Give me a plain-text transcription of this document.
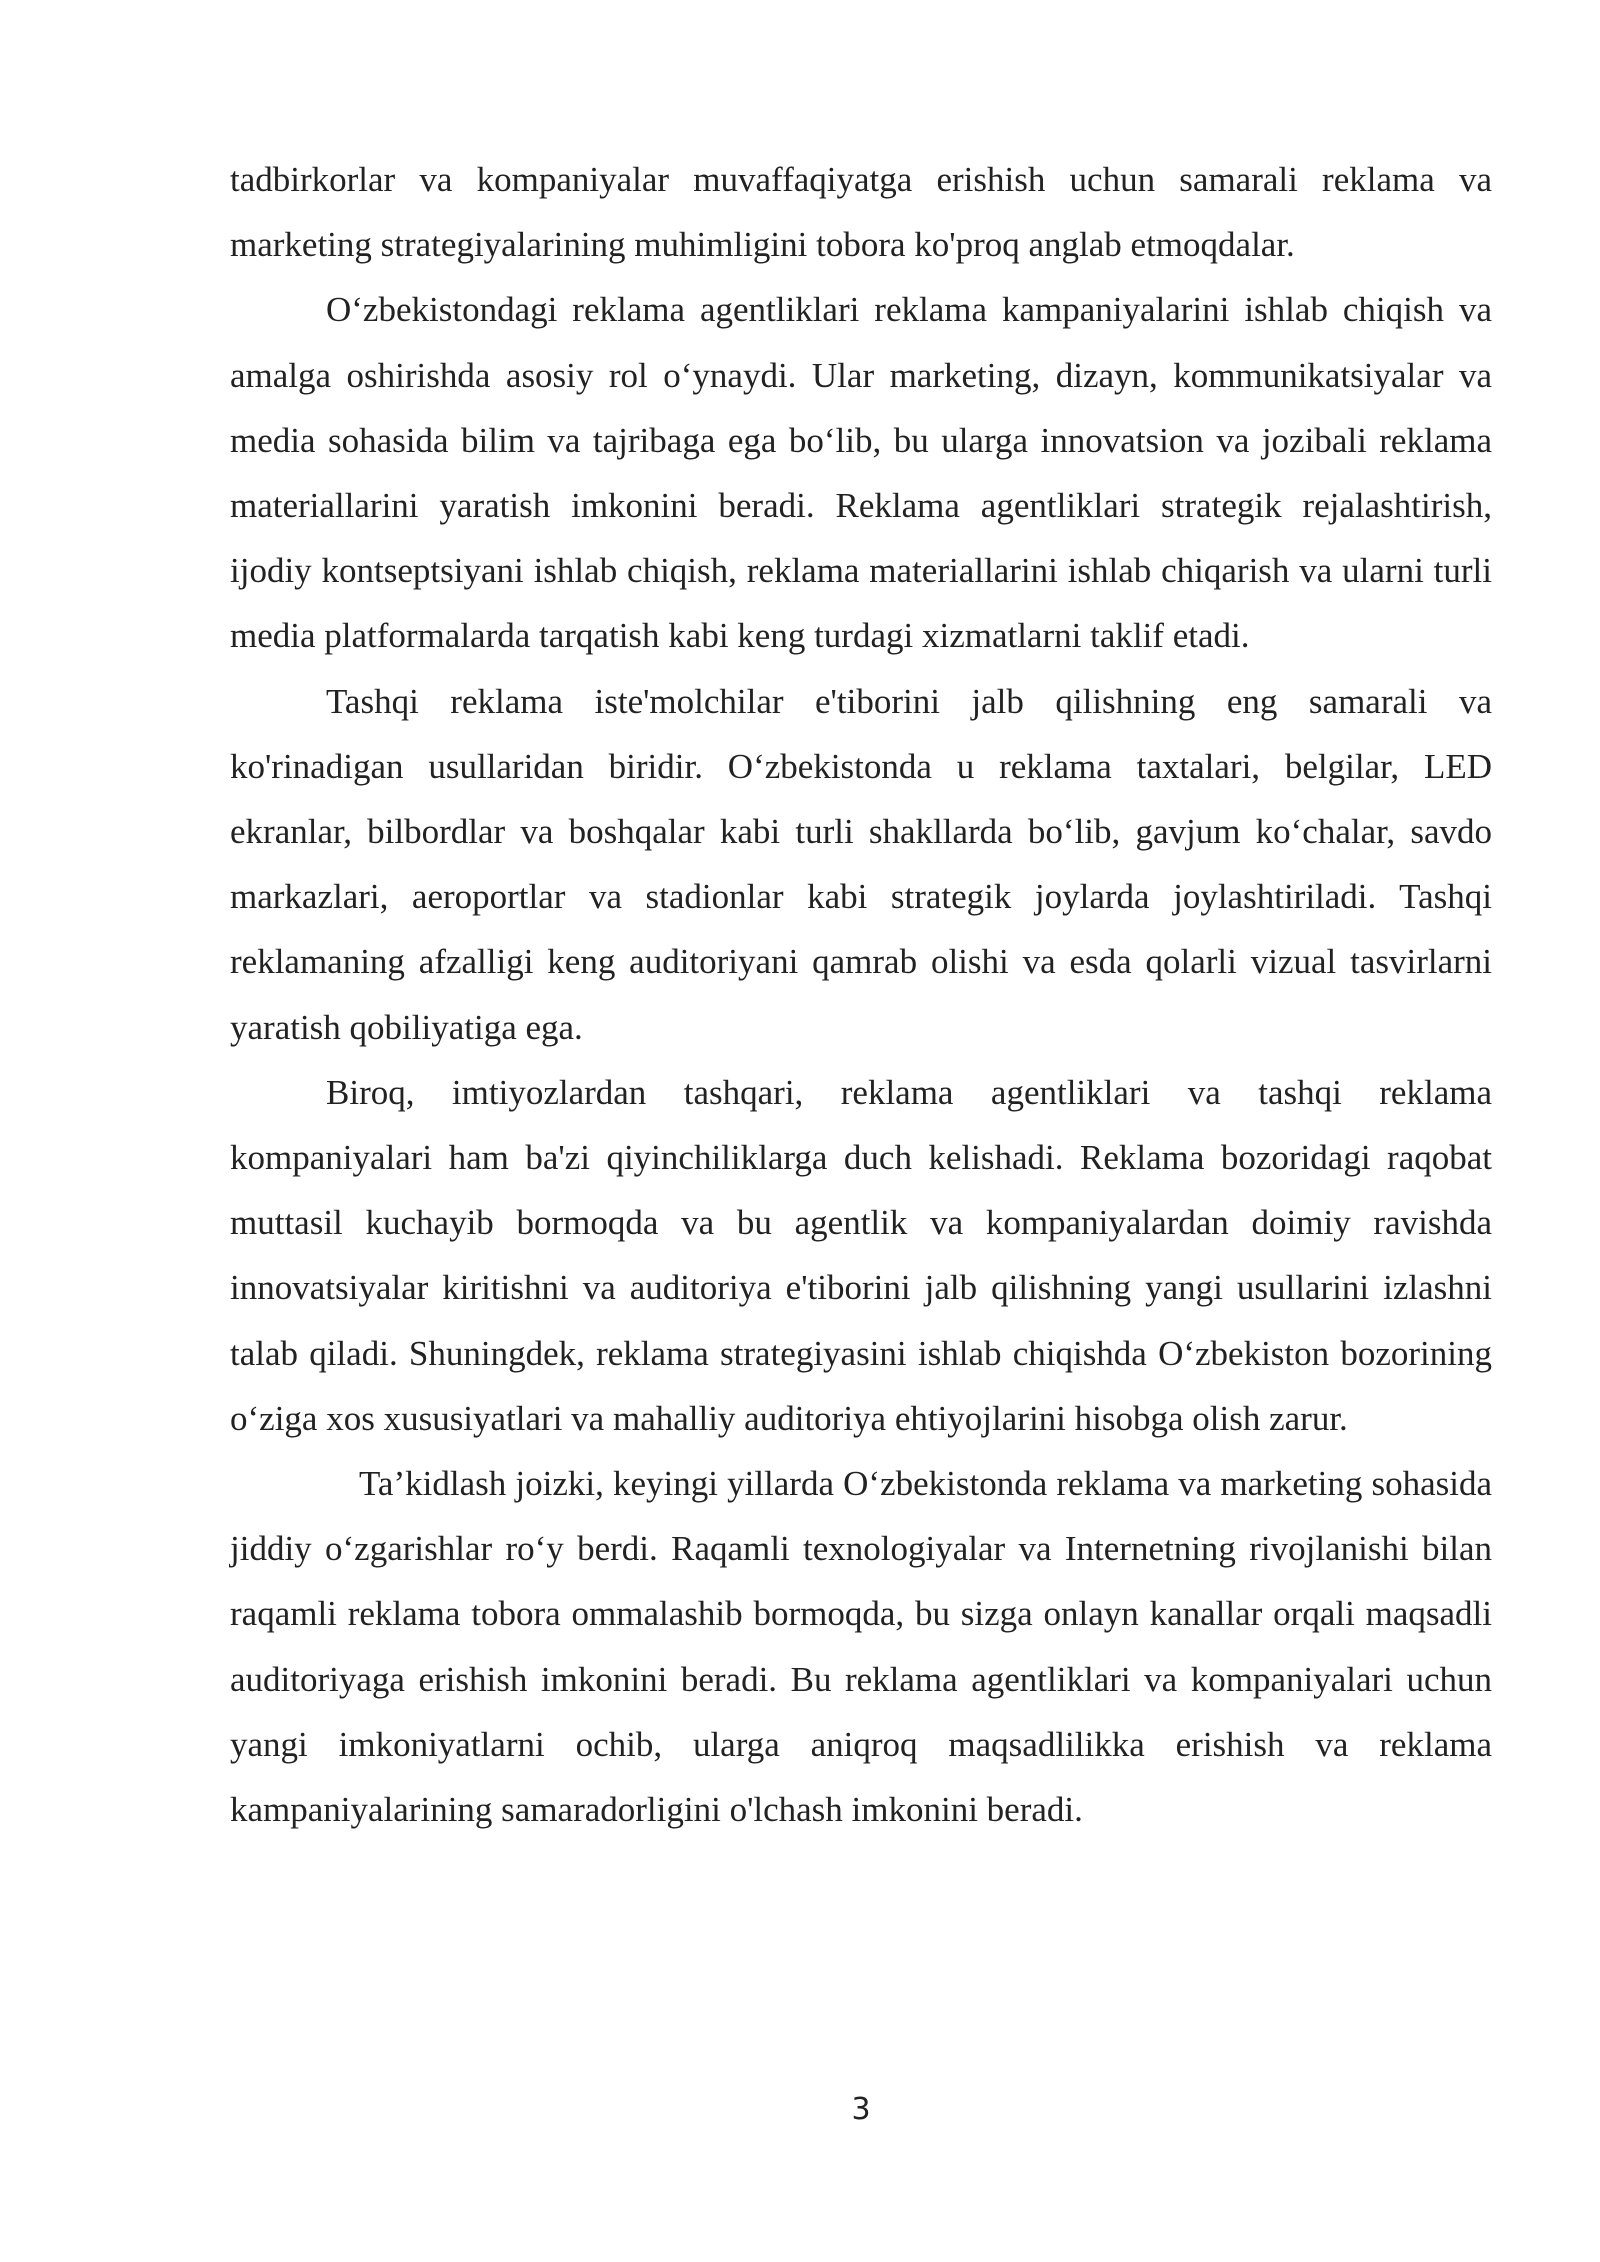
tadbirkorlar va kompaniyalar muvaffaqiyatga erishish uchun samarali reklama va marketing strategiyalarining muhimligini tobora ko'proq anglab etmoqdalar.

O‘zbekistondagi reklama agentliklari reklama kampaniyalarini ishlab chiqish va amalga oshirishda asosiy rol o‘ynaydi. Ular marketing, dizayn, kommunikatsiyalar va media sohasida bilim va tajribaga ega bo‘lib, bu ularga innovatsion va jozibali reklama materiallarini yaratish imkonini beradi. Reklama agentliklari strategik rejalashtirish, ijodiy kontseptsiyani ishlab chiqish, reklama materiallarini ishlab chiqarish va ularni turli media platformalarda tarqatish kabi keng turdagi xizmatlarni taklif etadi.

Tashqi reklama iste'molchilar e'tiborini jalb qilishning eng samarali va ko'rinadigan usullaridan biridir. O‘zbekistonda u reklama taxtalari, belgilar, LED ekranlar, bilbordlar va boshqalar kabi turli shakllarda bo‘lib, gavjum ko‘chalar, savdo markazlari, aeroportlar va stadionlar kabi strategik joylarda joylashtiriladi. Tashqi reklamaning afzalligi keng auditoriyani qamrab olishi va esda qolarli vizual tasvirlarni yaratish qobiliyatiga ega.

Biroq, imtiyozlardan tashqari, reklama agentliklari va tashqi reklama kompaniyalari ham ba'zi qiyinchiliklarga duch kelishadi. Reklama bozoridagi raqobat muttasil kuchayib bormoqda va bu agentlik va kompaniyalardan doimiy ravishda innovatsiyalar kiritishni va auditoriya e'tiborini jalb qilishning yangi usullarini izlashni talab qiladi. Shuningdek, reklama strategiyasini ishlab chiqishda O‘zbekiston bozorining o‘ziga xos xususiyatlari va mahalliy auditoriya ehtiyojlarini hisobga olish zarur.

Ta’kidlash joizki, keyingi yillarda O‘zbekistonda reklama va marketing sohasida jiddiy o‘zgarishlar ro‘y berdi. Raqamli texnologiyalar va Internetning rivojlanishi bilan raqamli reklama tobora ommalashib bormoqda, bu sizga onlayn kanallar orqali maqsadli auditoriyaga erishish imkonini beradi. Bu reklama agentliklari va kompaniyalari uchun yangi imkoniyatlarni ochib, ularga aniqroq maqsadlilikka erishish va reklama kampaniyalarining samaradorligini o'lchash imkonini beradi.

3
